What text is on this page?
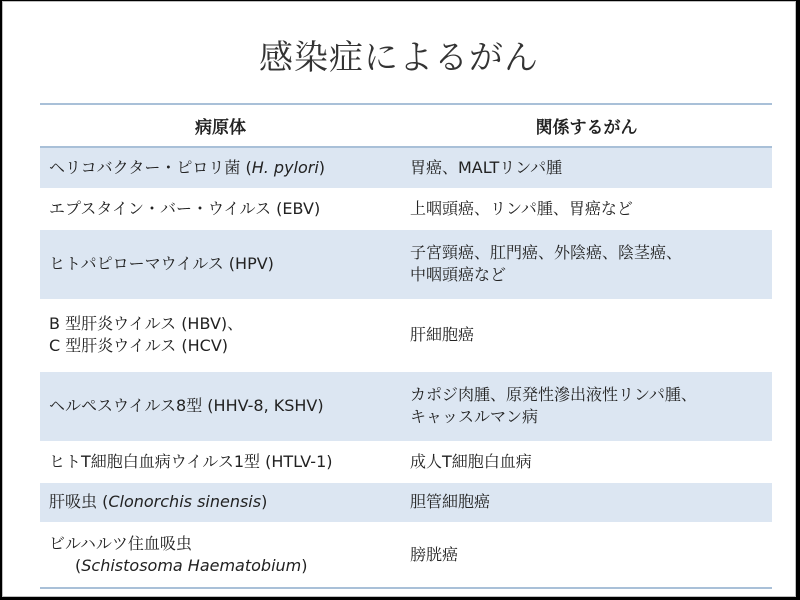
感染症によるがん
病原体	関係するがん
ヘリコバクター・ピロリ菌 (H. pylori)	胃癌、MALTリンパ腫
エプスタイン・バー・ウイルス (EBV)	上咽頭癌、リンパ腫、胃癌など
ヒトパピローマウイルス (HPV)	子宮頸癌、肛門癌、外陰癌、陰茎癌、
中咽頭癌など

B 型肝炎ウイルス (HBV)、
C 型肝炎ウイルス (HCV)	肝細胞癌
ヘルペスウイルス8型 (HHV-8, KSHV)	カポジ肉腫、原発性滲出液性リンパ腫、
キャッスルマン病

ヒトT細胞白血病ウイルス1型 (HTLV-1)	成人T細胞白血病
肝吸虫 (Clonorchis sinensis)	胆管細胞癌

ビルハルツ住血吸虫
(Schistosoma Haematobium)	膀胱癌
